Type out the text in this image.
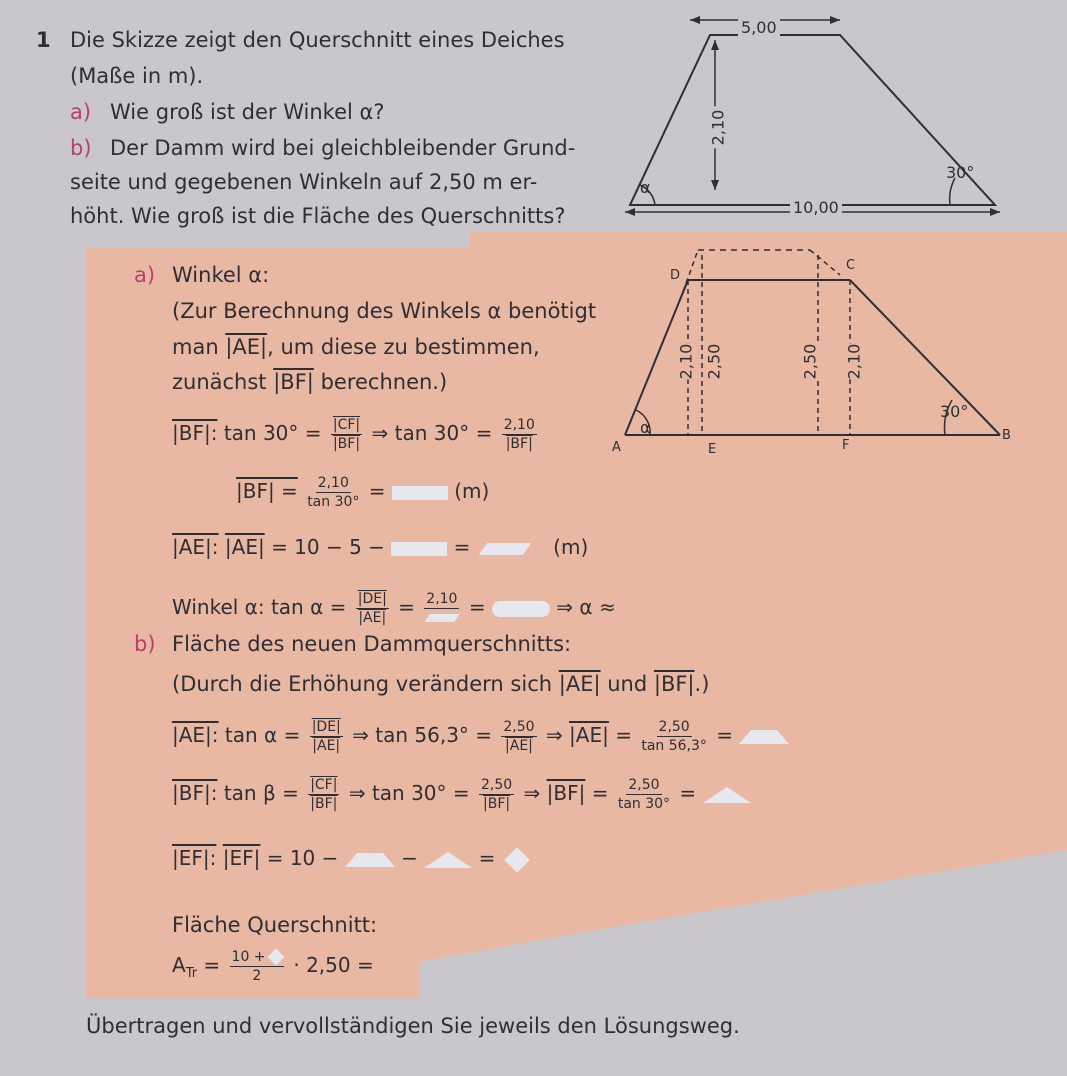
1 Die Skizze zeigt den Querschnitt eines Deiches
(Maße in m).
a) Wie groß ist der Winkel α?
b) Der Damm wird bei gleichbleibender Grund-
seite und gegebenen Winkeln auf 2,50 m er-
höht. Wie groß ist die Fläche des Querschnitts?
5,00
2,10
10,00
30°
α
D
C
A
B
E	F
2,10 2,50	2,50 2,10
α
30°
a) Winkel α:
(Zur Berechnung des Winkels α benötigt
man |AE|, um diese zu bestimmen,
zunächst |BF| berechnen.)
|BF|: $\tan 30^\circ = \frac{|CF|}{|BF|}$ ⇒ $\tan 30^\circ = \frac{2,10}{|BF|}$
$|BF| = \frac{2,10}{\tan 30^\circ}$ =	(m)
|AE|: |AE| = 10 − 5 −	=	(m)
Winkel α: $\tan \alpha = \frac{|DE|}{|AE|} = 2,10$ =	⇒ α ≈
b) Fläche des neuen Dammquerschnitts:
(Durch die Erhöhung verändern sich |AE| und |BF|.)
|AE|: $\tan \alpha = \frac{|DE|}{|AE|}$ ⇒ $\tan 56,3^\circ = \frac{2,50}{|AE|}$ ⇒ $|AE| = \frac{2,50}{\tan 56,3^\circ}$ =
|BF|: $\tan \beta = \frac{|CF|}{|BF|}$ ⇒ $\tan 30^\circ = \frac{2,50}{|BF|}$ ⇒ $|BF| = \frac{2,50}{\tan 30^\circ}$ =
|EF|: |EF| = 10 −	−	=
Fläche Querschnitt:
$A_{Tr} = \frac{10 +}{2} \cdot 2,50$ =
Übertragen und vervollständigen Sie jeweils den Lösungsweg.
